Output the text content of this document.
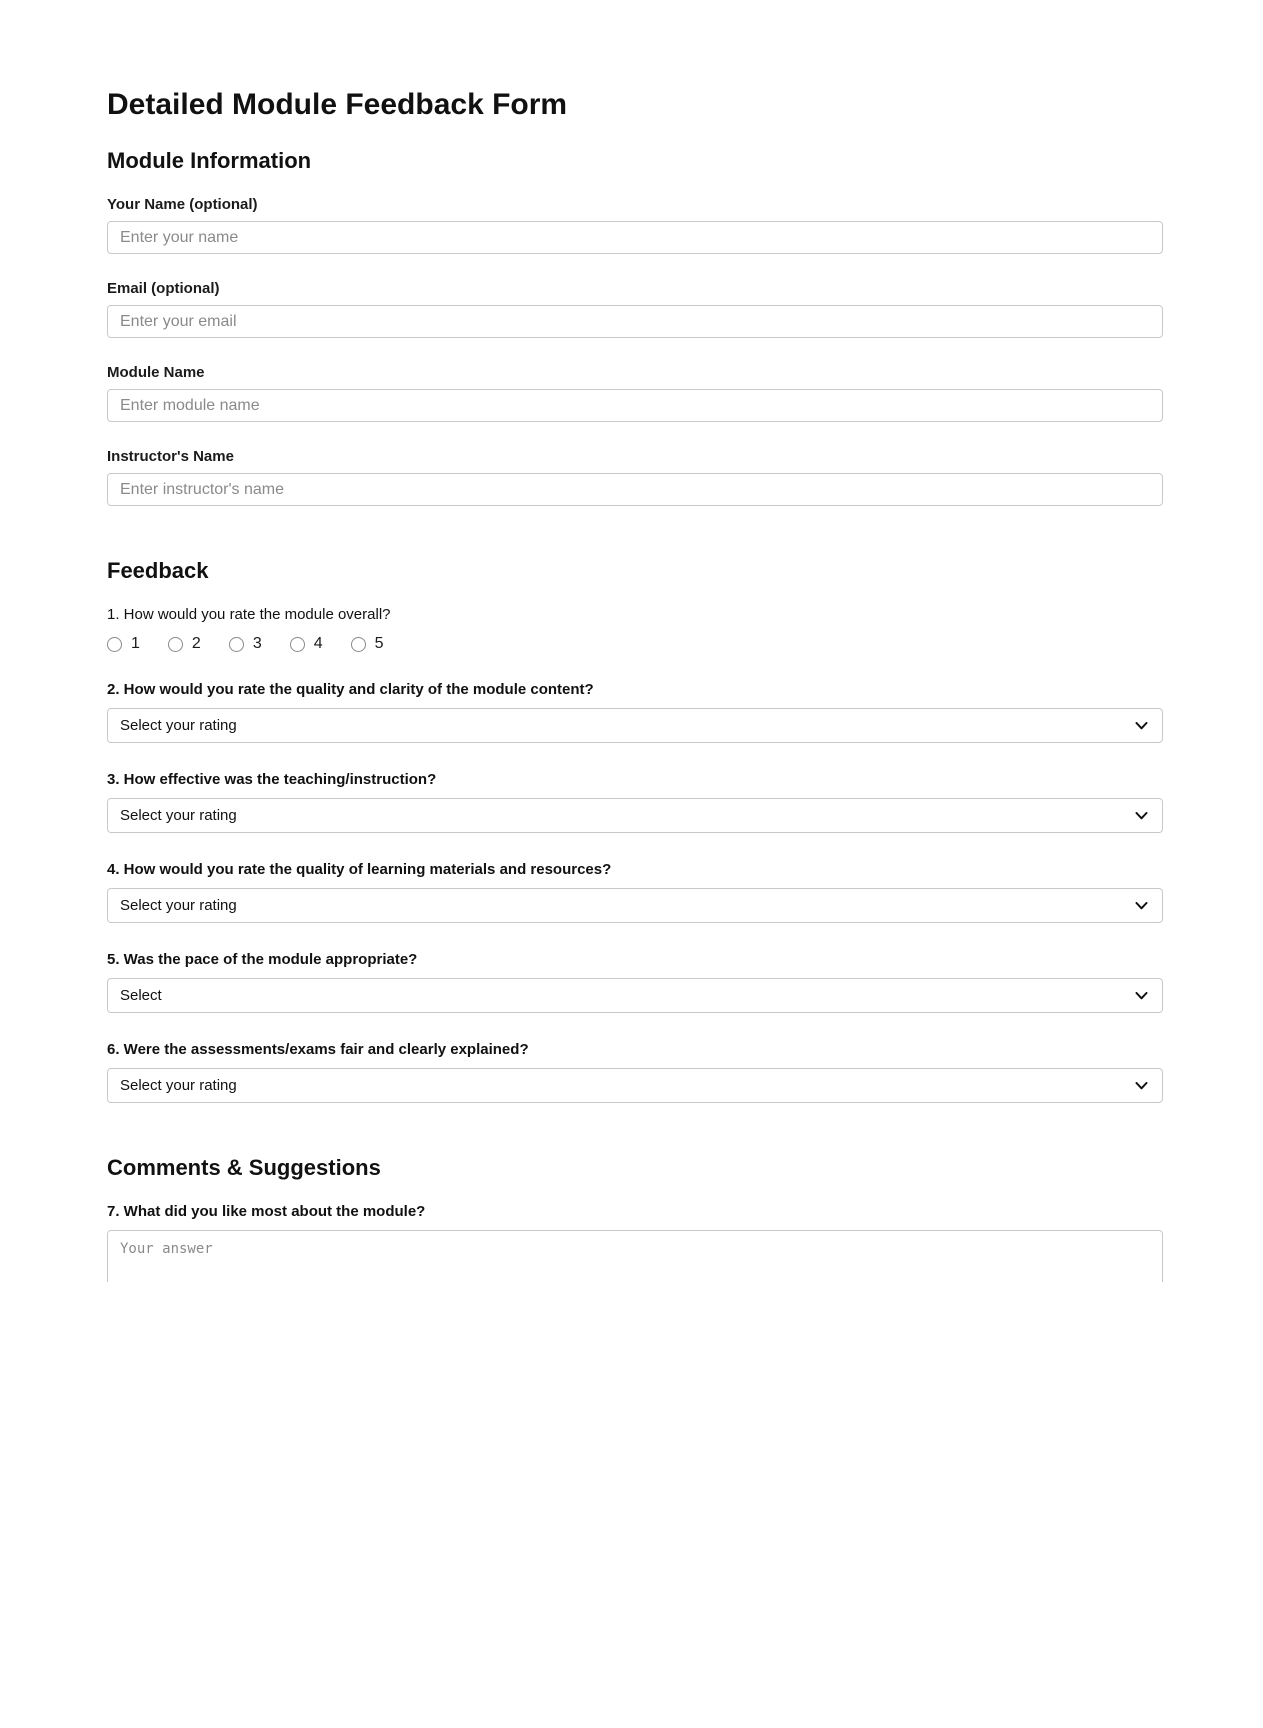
Detailed Module Feedback Form
Module Information
Your Name (optional)
Enter your name
Email (optional)
Enter your email
Module Name
Enter module name
Instructor's Name
Enter instructor's name
Feedback
1. How would you rate the module overall?
1	2	3	4	5
2. How would you rate the quality and clarity of the module content?
Select your rating
3. How effective was the teaching/instruction?
Select your rating
4. How would you rate the quality of learning materials and resources?
Select your rating
5. Was the pace of the module appropriate?
Select
6. Were the assessments/exams fair and clearly explained?
Select your rating
Comments & Suggestions
7. What did you like most about the module?
Your answer
